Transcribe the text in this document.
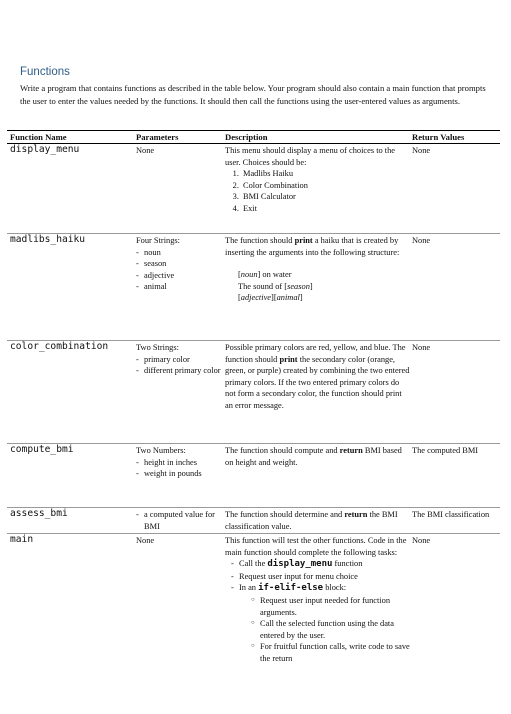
Functions
Write a program that contains functions as described in the table below. Your program should also contain a main function that prompts the user to enter the values needed by the functions. It should then call the functions using the user-entered values as arguments.
Function Name	Parameters	Description	Return Values
display_menu	None	This menu should display a menu of choices to the user. Choices should be:
1. Madlibs Haiku
2. Color Combination
3. BMI Calculator
4. Exit
None
madlibs_haiku	Four Strings:
- noun
- season
- adjective
- animal
The function should print a haiku that is created by inserting the arguments into the following structure:
[noun] on water
The sound of [season]
[adjective][animal]
None
color_combination	Two Strings:
- primary color
- different primary color
Possible primary colors are red, yellow, and blue. The function should print the secondary color (orange, green, or purple) created by combining the two entered primary colors. If the two entered primary colors do not form a secondary color, the function should print an error message.
None
compute_bmi	Two Numbers:
- height in inches
- weight in pounds
The function should compute and return BMI based on height and weight.
The computed BMI
assess_bmi
-	a computed value for BMI
The function should determine and return the BMI classification value.
The BMI classification
main	None	This function will test the other functions. Code in the main function should complete the following tasks:
- Call the display_menu function
- Request user input for menu choice
- In an if-elif-else block:
○ Request user input needed for function arguments.
○ Call the selected function using the data entered by the user.
○ For fruitful function calls, write code to save the return
None
